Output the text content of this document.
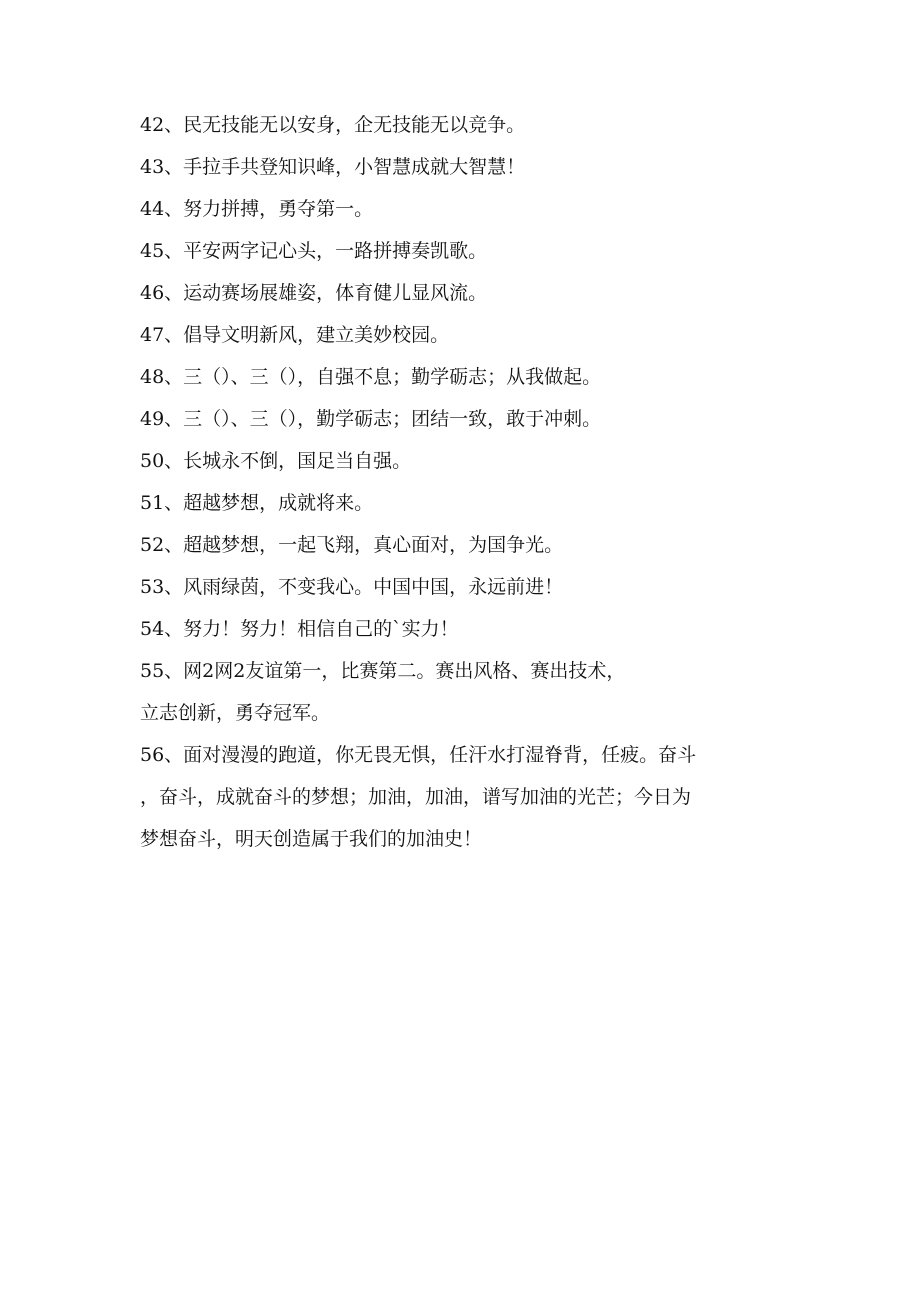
42、民无技能无以安身，企无技能无以竞争。
43、手拉手共登知识峰，小智慧成就大智慧！
44、努力拼搏，勇夺第一。
45、平安两字记心头，一路拼搏奏凯歌。
46、运动赛场展雄姿，体育健儿显风流。
47、倡导文明新风，建立美妙校园。
48、三（）、三（），自强不息；勤学砺志；从我做起。
49、三（）、三（），勤学砺志；团结一致，敢于冲刺。
50、长城永不倒，国足当自强。
51、超越梦想，成就将来。
52、超越梦想，一起飞翔，真心面对，为国争光。
53、风雨绿茵，不变我心。中国中国，永远前进！
54、努力！努力！相信自己的`实力！
55、网2网2友谊第一，比赛第二。赛出风格、赛出技术，
立志创新，勇夺冠军。
56、面对漫漫的跑道，你无畏无惧，任汗水打湿脊背，任疲。奋斗
，奋斗，成就奋斗的梦想；加油，加油，谱写加油的光芒；今日为
梦想奋斗，明天创造属于我们的加油史！
